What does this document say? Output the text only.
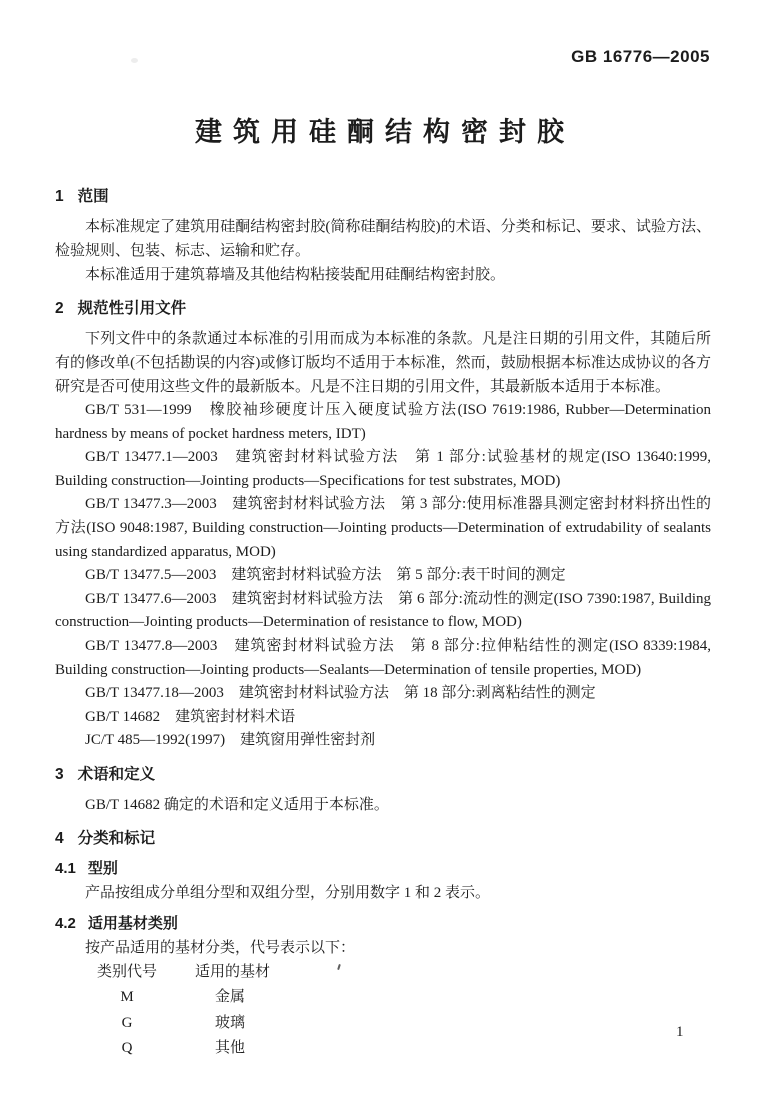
GB 16776—2005
建筑用硅酮结构密封胶
1 范围

本标准规定了建筑用硅酮结构密封胶(简称硅酮结构胶)的术语、分类和标记、要求、试验方法、检验规则、包装、标志、运输和贮存。

本标准适用于建筑幕墙及其他结构粘接装配用硅酮结构密封胶。

2 规范性引用文件

下列文件中的条款通过本标准的引用而成为本标准的条款。凡是注日期的引用文件，其随后所有的修改单(不包括勘误的内容)或修订版均不适用于本标准，然而，鼓励根据本标准达成协议的各方研究是否可使用这些文件的最新版本。凡是不注日期的引用文件，其最新版本适用于本标准。

GB/T 531—1999　橡胶袖珍硬度计压入硬度试验方法(ISO 7619:1986, Rubber—Determination hardness by means of pocket hardness meters, IDT)

GB/T 13477.1—2003　建筑密封材料试验方法　第 1 部分:试验基材的规定(ISO 13640:1999, Building construction—Jointing products—Specifications for test substrates, MOD)

GB/T 13477.3—2003　建筑密封材料试验方法　第 3 部分:使用标准器具测定密封材料挤出性的方法(ISO 9048:1987, Building construction—Jointing products—Determination of extrudability of sealants using standardized apparatus, MOD)

GB/T 13477.5—2003　建筑密封材料试验方法　第 5 部分:表干时间的测定

GB/T 13477.6—2003　建筑密封材料试验方法　第 6 部分:流动性的测定(ISO 7390:1987, Building construction—Jointing products—Determination of resistance to flow, MOD)

GB/T 13477.8—2003　建筑密封材料试验方法　第 8 部分:拉伸粘结性的测定(ISO 8339:1984, Building construction—Jointing products—Sealants—Determination of tensile properties, MOD)

GB/T 13477.18—2003　建筑密封材料试验方法　第 18 部分:剥离粘结性的测定

GB/T 14682　建筑密封材料术语

JC/T 485—1992(1997)　建筑窗用弹性密封剂

3 术语和定义

GB/T 14682 确定的术语和定义适用于本标准。

4 分类和标记
4.1 型别

产品按组成分单组分型和双组分型，分别用数字 1 和 2 表示。

4.2 适用基材类别

按产品适用的基材分类，代号表示以下：

类别代号	适用的基材
M	金属
G	玻璃
Q	其他
1
